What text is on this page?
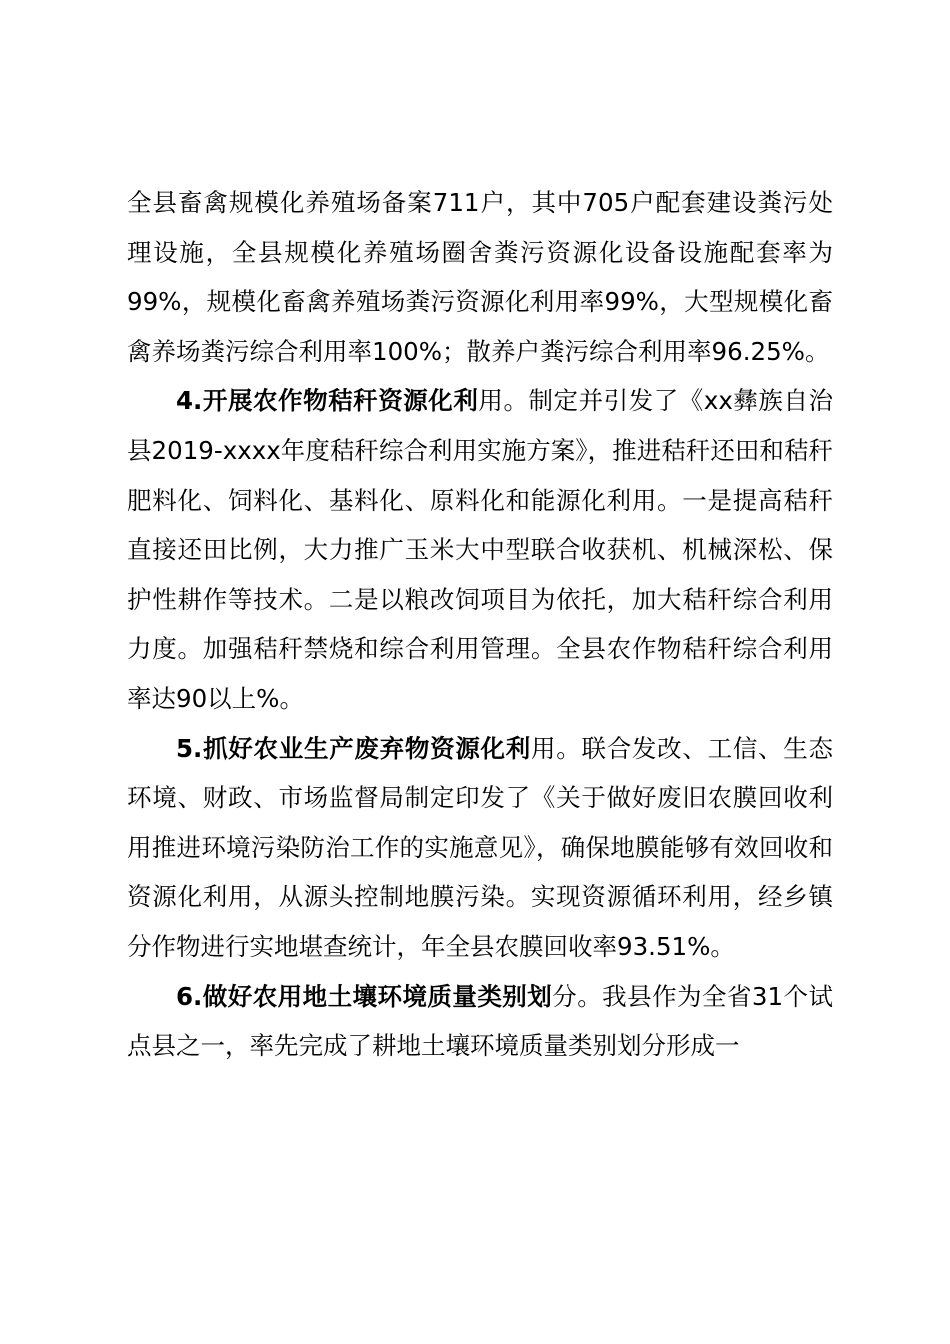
全县畜禽规模化养殖场备案711户，其中705户配套建设粪污处理设施，全县规模化养殖场圈舍粪污资源化设备设施配套率为99%，规模化畜禽养殖场粪污资源化利用率99%，大型规模化畜禽养场粪污综合利用率100%；散养户粪污综合利用率96.25%。

4.开展农作物秸秆资源化利用。制定并引发了《xx彝族自治县2019-xxxx年度秸秆综合利用实施方案》，推进秸秆还田和秸秆肥料化、饲料化、基料化、原料化和能源化利用。一是提高秸秆直接还田比例，大力推广玉米大中型联合收获机、机械深松、保护性耕作等技术。二是以粮改饲项目为依托，加大秸秆综合利用力度。加强秸秆禁烧和综合利用管理。全县农作物秸秆综合利用率达90以上%。

5.抓好农业生产废弃物资源化利用。联合发改、工信、生态环境、财政、市场监督局制定印发了《关于做好废旧农膜回收利用推进环境污染防治工作的实施意见》，确保地膜能够有效回收和资源化利用，从源头控制地膜污染。实现资源循环利用，经乡镇分作物进行实地堪查统计，年全县农膜回收率93.51%。

6.做好农用地土壤环境质量类别划分。我县作为全省31个试点县之一，率先完成了耕地土壤环境质量类别划分形成一
